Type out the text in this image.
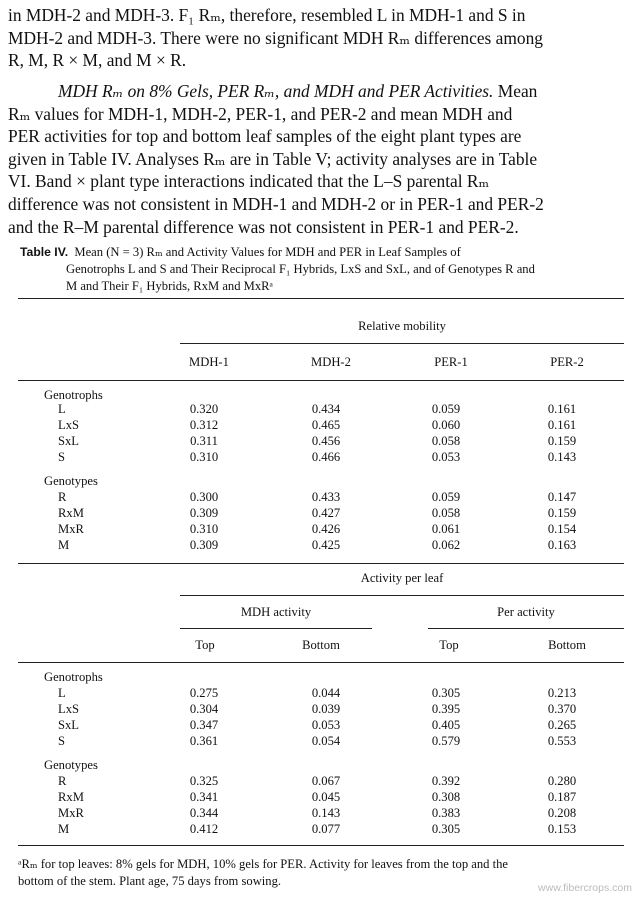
in MDH-2 and MDH-3. F₁ Rₘ, therefore, resembled L in MDH-1 and S in
MDH-2 and MDH-3. There were no significant MDH Rₘ differences among
R, M, R × M, and M × R.
MDH Rₘ on 8% Gels, PER Rₘ, and MDH and PER Activities. Mean
Rₘ values for MDH-1, MDH-2, PER-1, and PER-2 and mean MDH and
PER activities for top and bottom leaf samples of the eight plant types are
given in Table IV. Analyses Rₘ are in Table V; activity analyses are in Table
VI. Band × plant type interactions indicated that the L–S parental Rₘ
difference was not consistent in MDH-1 and MDH-2 or in PER-1 and PER-2
and the R–M parental difference was not consistent in PER-1 and PER-2.
Table IV. Mean (N = 3) Rₘ and Activity Values for MDH and PER in Leaf Samples of
Genotrophs L and S and Their Reciprocal F₁ Hybrids, LxS and SxL, and of Genotypes R and
M and Their F₁ Hybrids, RxM and MxRᵃ
Relative mobility
MDH-1	MDH-2	PER-1	PER-2
Genotrophs
L	0.320	0.434	0.059	0.161
LxS	0.312	0.465	0.060	0.161
SxL	0.311	0.456	0.058	0.159
S	0.310	0.466	0.053	0.143
Genotypes
R	0.300	0.433	0.059	0.147
RxM	0.309	0.427	0.058	0.159
MxR	0.310	0.426	0.061	0.154
M	0.309	0.425	0.062	0.163
Activity per leaf
MDH activity	Per activity
Top	Bottom	Top	Bottom
Genotrophs
L	0.275	0.044	0.305	0.213
LxS	0.304	0.039	0.395	0.370
SxL	0.347	0.053	0.405	0.265
S	0.361	0.054	0.579	0.553
Genotypes
R	0.325	0.067	0.392	0.280
RxM	0.341	0.045	0.308	0.187
MxR	0.344	0.143	0.383	0.208
M	0.412	0.077	0.305	0.153
ᵃRₘ for top leaves: 8% gels for MDH, 10% gels for PER. Activity for leaves from the top and the
bottom of the stem. Plant age, 75 days from sowing.	www.fibercrops.com
